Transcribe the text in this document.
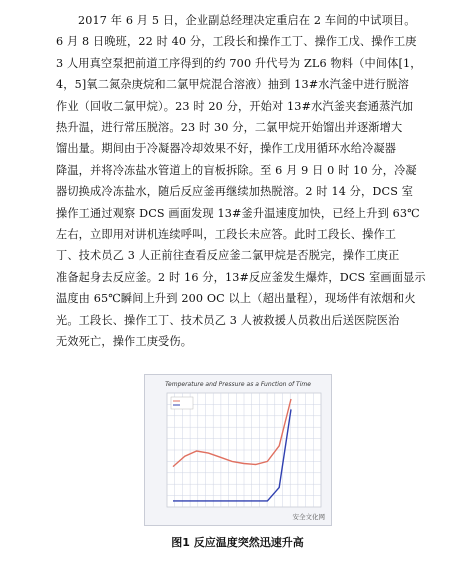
2017 年 6 月 5 日，企业副总经理决定重启在 2 车间的中试项目。
6 月 8 日晚班，22 时 40 分，工段长和操作工丁、操作工戊、操作工庚
3 人用真空泵把前道工序得到的约 700 升代号为 ZL6 物料（中间体[1，
4，5]氧二氮杂庚烷和二氯甲烷混合溶液）抽到 13#水汽釜中进行脱溶
作业（回收二氯甲烷）。23 时 20 分，开始对 13#水汽釜夹套通蒸汽加
热升温，进行常压脱溶。23 时 30 分，二氯甲烷开始馏出并逐渐增大
馏出量。期间由于冷凝器冷却效果不好，操作工戊用循环水给冷凝器
降温，并将冷冻盐水管道上的盲板拆除。至 6 月 9 日 0 时 10 分，冷凝
器切换成冷冻盐水，随后反应釜再继续加热脱溶。2 时 14 分，DCS 室
操作工通过观察 DCS 画面发现 13#釜升温速度加快，已经上升到 63℃
左右，立即用对讲机连续呼叫，工段长未应答。此时工段长、操作工
丁、技术员乙 3 人正前往查看反应釜二氯甲烷是否脱完，操作工庚正
准备起身去反应釜。2 时 16 分，13#反应釜发生爆炸，DCS 室画面显示
温度由 65℃瞬间上升到 200 OC 以上（超出量程），现场伴有浓烟和火
光。工段长、操作工丁、技术员乙 3 人被救援人员救出后送医院医治
无效死亡，操作工庚受伤。
Temperature and Pressure as a Function of Time
安全文化网
图1 反应温度突然迅速升高
